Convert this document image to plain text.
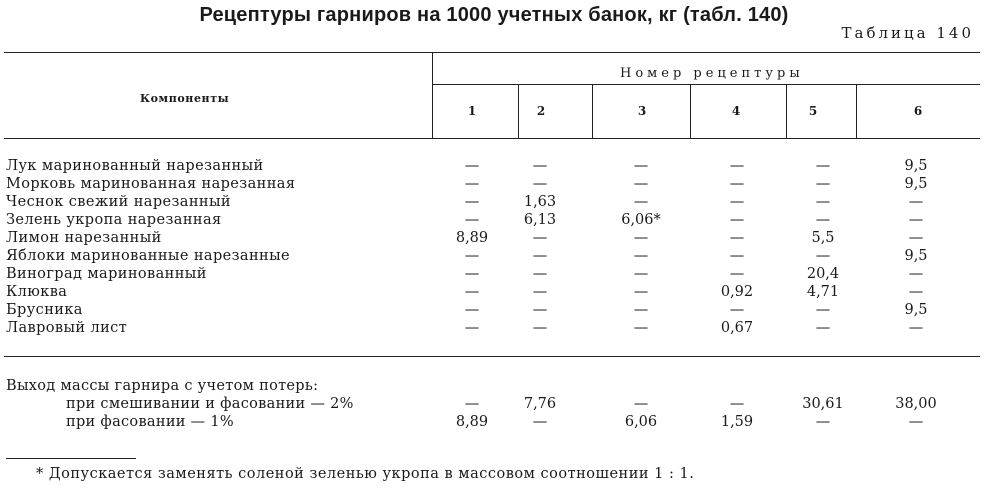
Рецептуры гарниров на 1000 учетных банок, кг (табл. 140)
Таблица 140
Компоненты
Номер рецептуры
1	2	3	4	5	6
Лук маринованный нарезанный	—	—	—	—	—	9,5
Морковь маринованная нарезанная	—	—	—	—	—	9,5
Чеснок свежий нарезанный	—	1,63	—	—	—	—
Зелень укропа нарезанная	—	6,13	6,06*	—	—	—
Лимон нарезанный	8,89	—	—	—	5,5	—
Яблоки маринованные нарезанные	—	—	—	—	—	9,5
Виноград маринованный	—	—	—	—	20,4	—
Клюква	—	—	—	0,92	4,71	—
Брусника	—	—	—	—	—	9,5
Лавровый лист	—	—	—	0,67	—	—
Выход массы гарнира с учетом потерь:
при смешивании и фасовании — 2%	—	7,76	—	—	30,61	38,00
при фасовании — 1%	8,89	—	6,06	1,59	—	—
* Допускается заменять соленой зеленью укропа в массовом соотношении 1 : 1.
